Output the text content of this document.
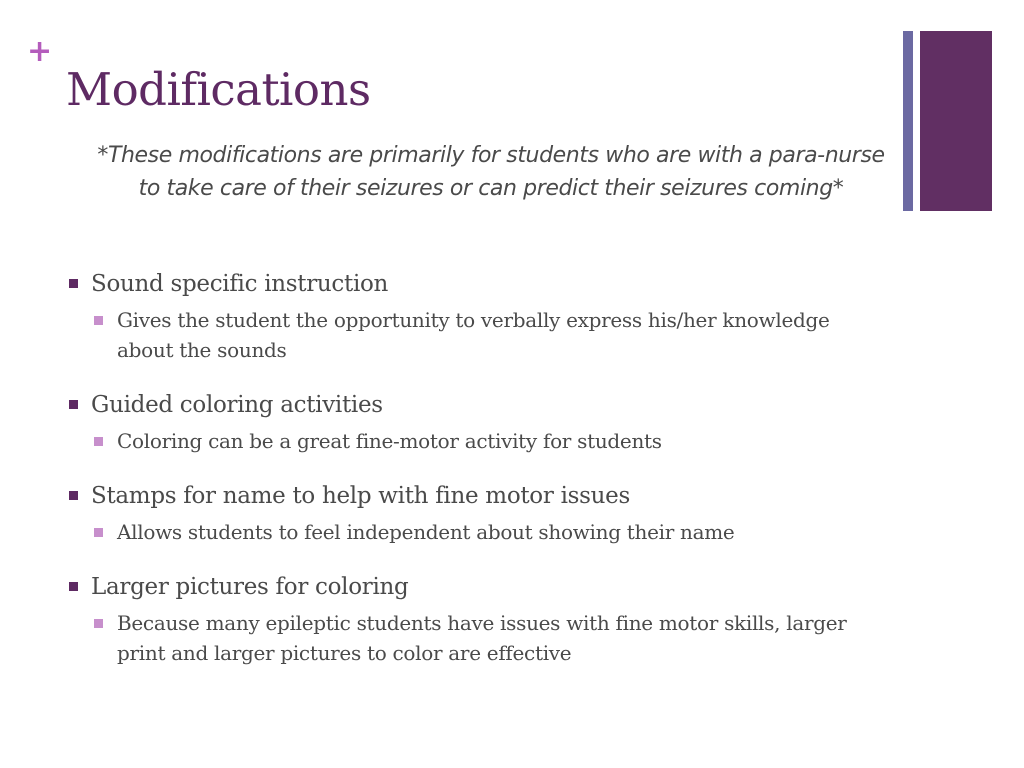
+
Modifications

*These modifications are primarily for students who are with a para-nurse to take care of their seizures or can predict their seizures coming*

Sound specific instruction
Gives the student the opportunity to verbally express his/her knowledge about the sounds
Guided coloring activities
Coloring can be a great fine-motor activity for students
Stamps for name to help with fine motor issues
Allows students to feel independent about showing their name
Larger pictures for coloring
Because many epileptic students have issues with fine motor skills, larger print and larger pictures to color are effective
